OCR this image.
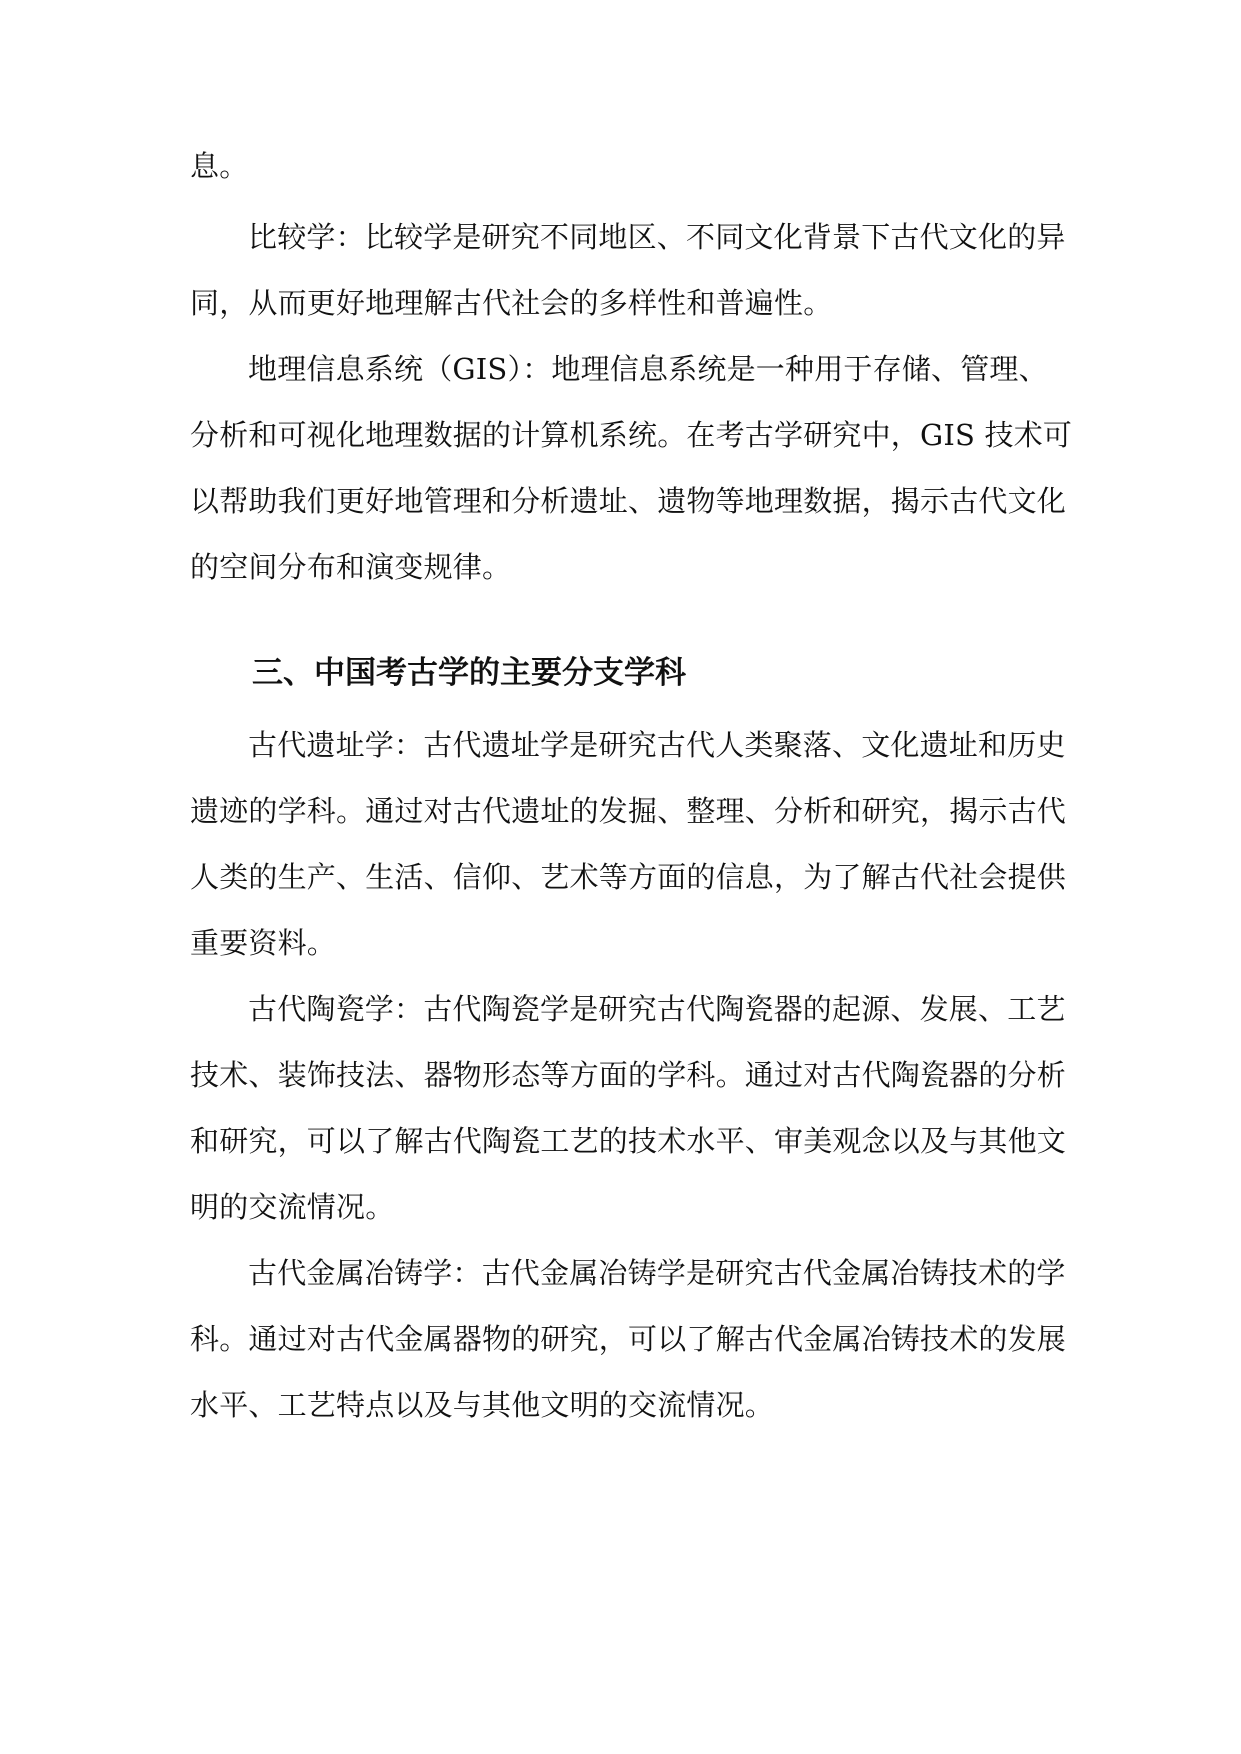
息。
比较学：比较学是研究不同地区、不同文化背景下古代文化的异
同，从而更好地理解古代社会的多样性和普遍性。
地理信息系统（GIS）：地理信息系统是一种用于存储、管理、
分析和可视化地理数据的计算机系统。在考古学研究中，GIS 技术可
以帮助我们更好地管理和分析遗址、遗物等地理数据，揭示古代文化
的空间分布和演变规律。
三、中国考古学的主要分支学科
古代遗址学：古代遗址学是研究古代人类聚落、文化遗址和历史
遗迹的学科。通过对古代遗址的发掘、整理、分析和研究，揭示古代
人类的生产、生活、信仰、艺术等方面的信息，为了解古代社会提供
重要资料。
古代陶瓷学：古代陶瓷学是研究古代陶瓷器的起源、发展、工艺
技术、装饰技法、器物形态等方面的学科。通过对古代陶瓷器的分析
和研究，可以了解古代陶瓷工艺的技术水平、审美观念以及与其他文
明的交流情况。
古代金属冶铸学：古代金属冶铸学是研究古代金属冶铸技术的学
科。通过对古代金属器物的研究，可以了解古代金属冶铸技术的发展
水平、工艺特点以及与其他文明的交流情况。
